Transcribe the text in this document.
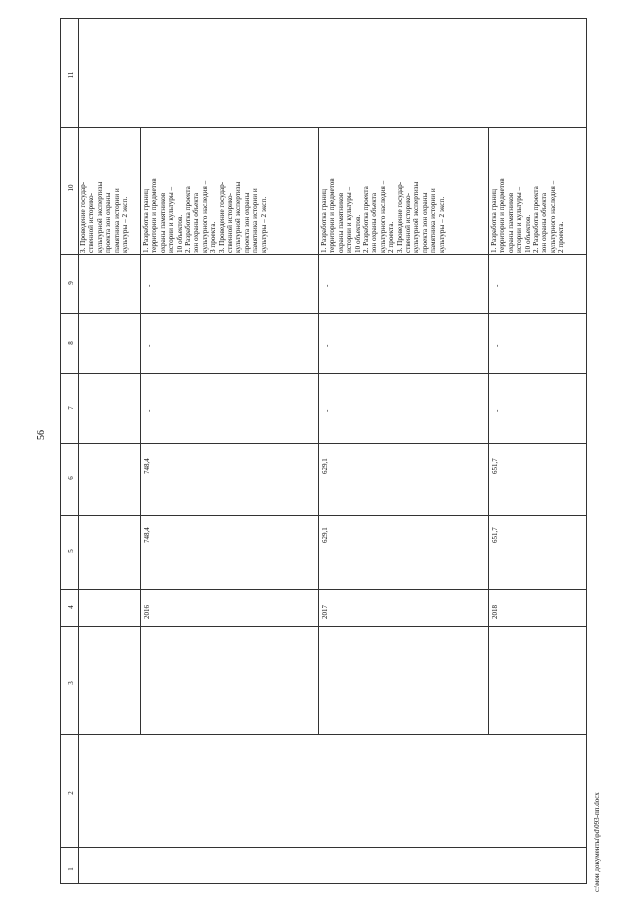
56
c:\мои документы\pd\093-пп.docx
1
2
3
4
5
6
7
8
9
10
11
3. Проведение государ-
ственной историко-
культурной экспертизы
проекта зон охраны
памятника истории и
культуры – 2 эксп.
2016
748,4
748,4
-
-
-
1. Разработка границ
территории и предметов
охраны памятников
истории и культуры –
10 объектов.
2. Разработка проекта
зон охраны объекта
культурного наследия –
3 проекта.
3. Проведение государ-
ственной историко-
культурной экспертизы
проекта зон охраны
памятника истории и
культуры – 2 эксп.
2017
629,1
629,1
-
-
-
1. Разработка границ
территории и предметов
охраны памятников
истории и культуры –
10 объектов.
2. Разработка проекта
зон охраны объекта
культурного наследия –
2 проекта.
3. Проведение государ-
ственной историко-
культурной экспертизы
проекта зон охраны
памятника истории и
культуры – 2 эксп.
2018
651,7
651,7
-
-
-
1. Разработка границ
территории и предметов
охраны памятников
истории и культуры –
10 объектов.
2. Разработка проекта
зон охраны объекта
культурного наследия –
2 проекта.
